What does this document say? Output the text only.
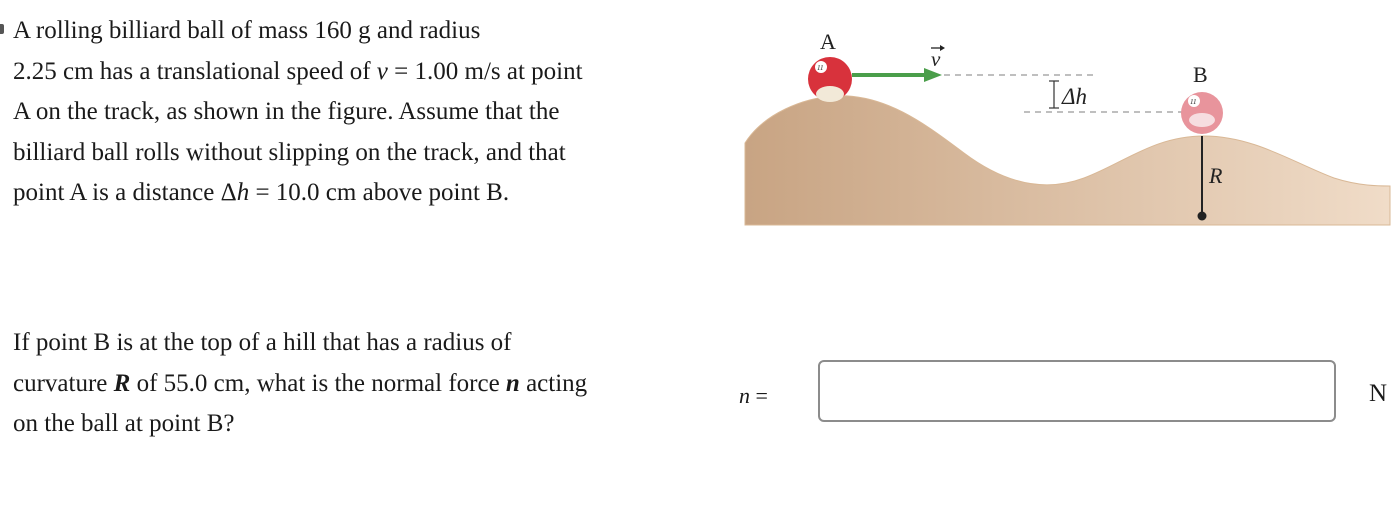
A rolling billiard ball of mass 160 g and radius
2.25 cm has a translational speed of v = 1.00 m/s at point
A on the track, as shown in the figure. Assume that the
billiard ball rolls without slipping on the track, and that
point A is a distance Δh = 10.0 cm above point B.
Δh
v
11
A
11
B
R
If point B is at the top of a hill that has a radius of
curvature R of 55.0 cm, what is the normal force n acting
on the ball at point B?
n =	N
